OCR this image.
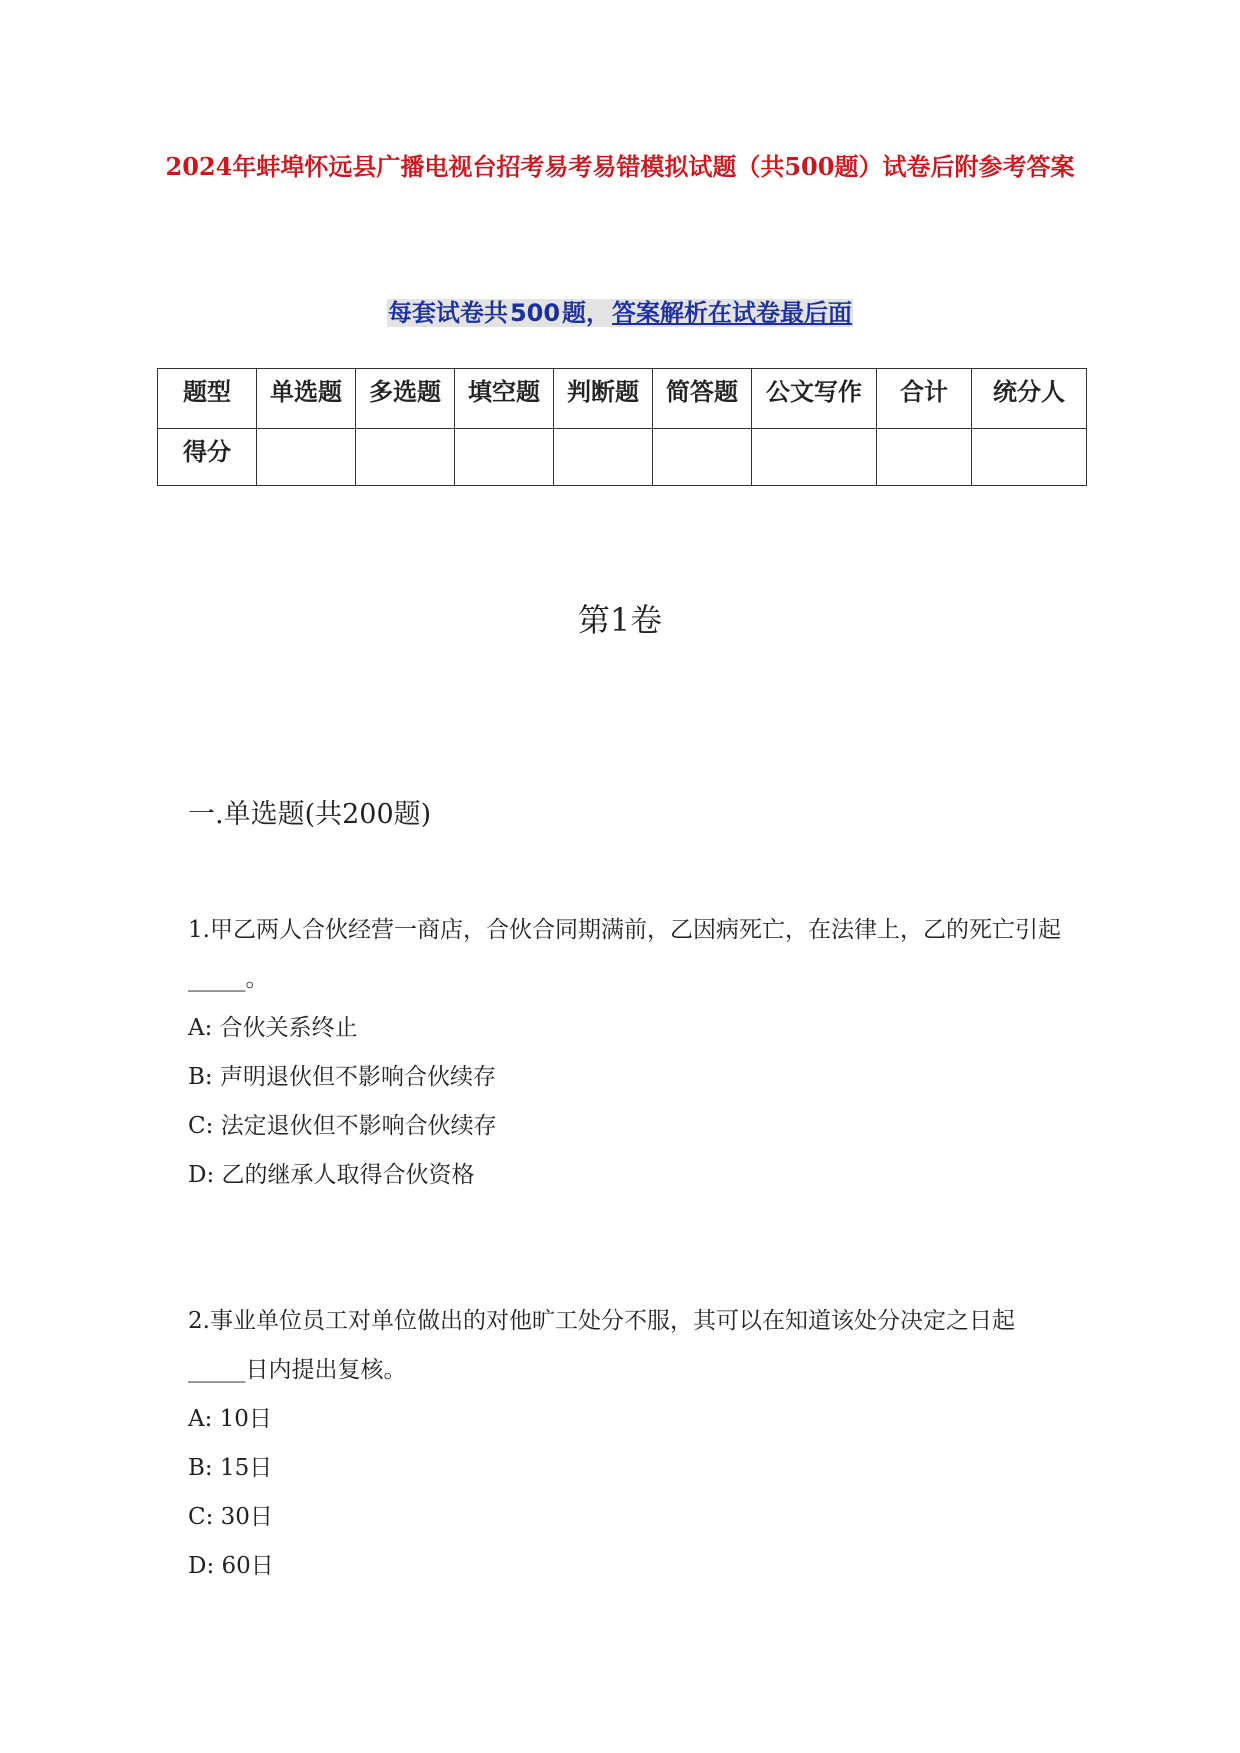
2024年蚌埠怀远县广播电视台招考易考易错模拟试题（共500题）试卷后附参考答案
每套试卷共500题，答案解析在试卷最后面
题型	单选题	多选题	填空题	判断题	简答题	公文写作	合计	统分人
得分								
第1卷
一.单选题(共200题)

1.甲乙两人合伙经营一商店，合伙合同期满前，乙因病死亡，在法律上，乙的死亡引起_____。

A: 合伙关系终止

B: 声明退伙但不影响合伙续存

C: 法定退伙但不影响合伙续存

D: 乙的继承人取得合伙资格

2.事业单位员工对单位做出的对他旷工处分不服，其可以在知道该处分决定之日起_____日内提出复核。

A: 10日

B: 15日

C: 30日

D: 60日
